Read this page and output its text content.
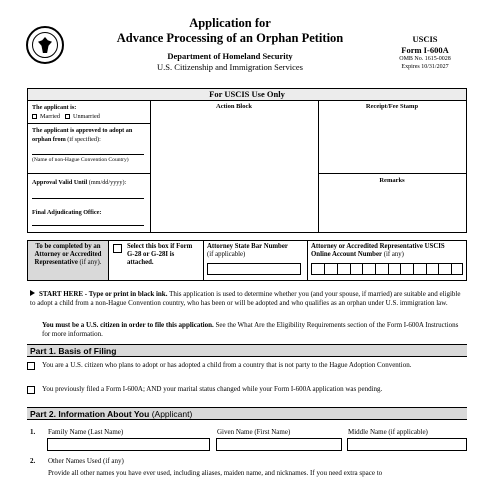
Application for
Advance Processing of an Orphan Petition
Department of Homeland Security
U.S. Citizenship and Immigration Services
USCIS
Form I-600A
OMB No. 1615-0028
Expires 10/31/2027
For USCIS Use Only
Action Block	Receipt/Fee Stamp
Remarks
The applicant is:
Married	Unmarried
The applicant is approved to adopt an
orphan from (if specified):
(Name of non-Hague Convention Country)
Approval Valid Until (mm/dd/yyyy):
Final Adjudicating Office:
To be completed by an Attorney or Accredited Representative (if any).
Select this box if Form G-28 or G-28I is attached.
Attorney State Bar Number
(if applicable)
Attorney or Accredited Representative USCIS Online Account Number (if any)
START HERE - Type or print in black ink. This application is used to determine whether you (and your spouse, if married) are suitable and eligible to adopt a child from a non-Hague Convention country, who has been or will be adopted and who qualifies as an orphan under U.S. immigration law.
You must be a U.S. citizen in order to file this application. See the What Are the Eligibility Requirements section of the Form I-600A Instructions for more information.
Part 1. Basis of Filing
You are a U.S. citizen who plans to adopt or has adopted a child from a country that is not party to the Hague Adoption Convention.
You previously filed a Form I-600A; AND your marital status changed while your Form I-600A application was pending.
Part 2. Information About You (Applicant)
1. Family Name (Last Name)	Given Name (First Name)	Middle Name (if applicable)
2. Other Names Used (if any)
Provide all other names you have ever used, including aliases, maiden name, and nicknames. If you need extra space to
